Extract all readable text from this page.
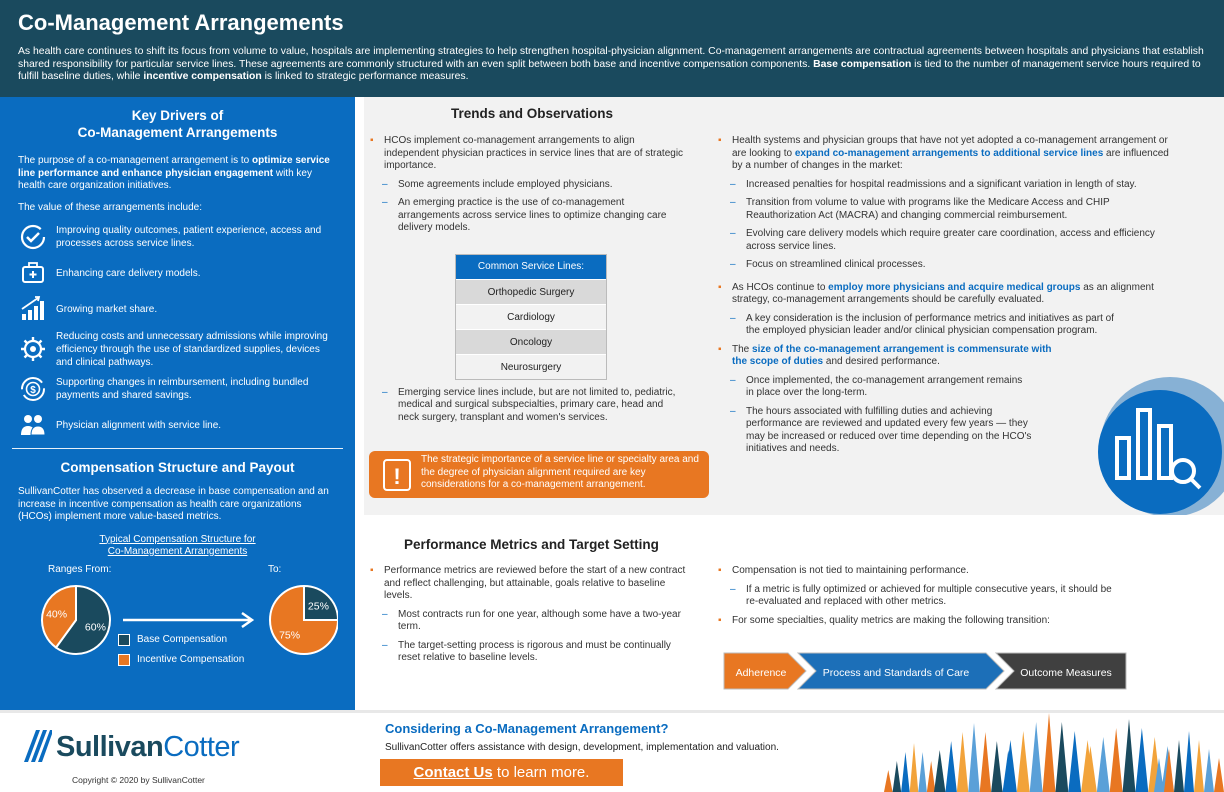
Co-Management Arrangements

As health care continues to shift its focus from volume to value, hospitals are implementing strategies to help strengthen hospital-physician alignment. Co-management arrangements are contractual agreements between hospitals and physicians that establish shared responsibility for particular service lines. These agreements are commonly structured with an even split between both base and incentive compensation components. Base compensation is tied to the number of management service hours required to fulfill baseline duties, while incentive compensation is linked to strategic performance measures.

Key Drivers of
Co-Management Arrangements
The purpose of a co-management arrangement is to optimize service line performance and enhance physician engagement with key health care organization initiatives.
The value of these arrangements include:
Improving quality outcomes, patient experience, access and processes across service lines.
Enhancing care delivery models.
Growing market share.
Reducing costs and unnecessary admissions while improving efficiency through the use of standardized supplies, devices and clinical pathways.
$
Supporting changes in reimbursement, including bundled payments and shared savings.
Physician alignment with service line.
Compensation Structure and Payout
SullivanCotter has observed a decrease in base compensation and an increase in incentive compensation as health care organizations (HCOs) implement more value-based metrics.
Typical Compensation Structure for
Co-Management Arrangements
Ranges From:	To:
60%
40%
25%
75%
Base Compensation
Incentive Compensation
Trends and Observations
▪ HCOs implement co-management arrangements to align independent physician practices in service lines that are of strategic importance.
– Some agreements include employed physicians.
– An emerging practice is the use of co-management arrangements across service lines to optimize changing care delivery models.
– Emerging service lines include, but are not limited to, pediatric, medical and surgical subspecialties, primary care, head and neck surgery, transplant and women's services.
▪ Health systems and physician groups that have not yet adopted a co-management arrangement or are looking to expand co-management arrangements to additional service lines are influenced by a number of changes in the market:
– Increased penalties for hospital readmissions and a significant variation in length of stay.
– Transition from volume to value with programs like the Medicare Access and CHIP Reauthorization Act (MACRA) and changing commercial reimbursement.
– Evolving care delivery models which require greater care coordination, access and efficiency across service lines.
– Focus on streamlined clinical processes.
▪ As HCOs continue to employ more physicians and acquire medical groups as an alignment strategy, co-management arrangements should be carefully evaluated.
– A key consideration is the inclusion of performance metrics and initiatives as part of the employed physician leader and/or clinical physician compensation program.
▪ The size of the co-management arrangement is commensurate with the scope of duties and desired performance.
– Once implemented, the co-management arrangement remains in place over the long-term.
– The hours associated with fulfilling duties and achieving performance are reviewed and updated every few years — they may be increased or reduced over time depending on the HCO's initiatives and needs.
Common Service Lines:
Orthopedic Surgery
Cardiology
Oncology
Neurosurgery
!
The strategic importance of a service line or specialty area and the degree of physician alignment required are key considerations for a co-management arrangement.
Performance Metrics and Target Setting
▪ Performance metrics are reviewed before the start of a new contract and reflect challenging, but attainable, goals relative to baseline levels.
– Most contracts run for one year, although some have a two-year term.
– The target-setting process is rigorous and must be continually reset relative to baseline levels.
▪ Compensation is not tied to maintaining performance.
– If a metric is fully optimized or achieved for multiple consecutive years, it should be re-evaluated and replaced with other metrics.
▪ For some specialties, quality metrics are making the following transition:
Adherence	Process and Standards of Care	Outcome Measures
SullivanCotter
Copyright © 2020 by SullivanCotter
Considering a Co-Management Arrangement?
SullivanCotter offers assistance with design, development, implementation and valuation.
Contact Us to learn more.
